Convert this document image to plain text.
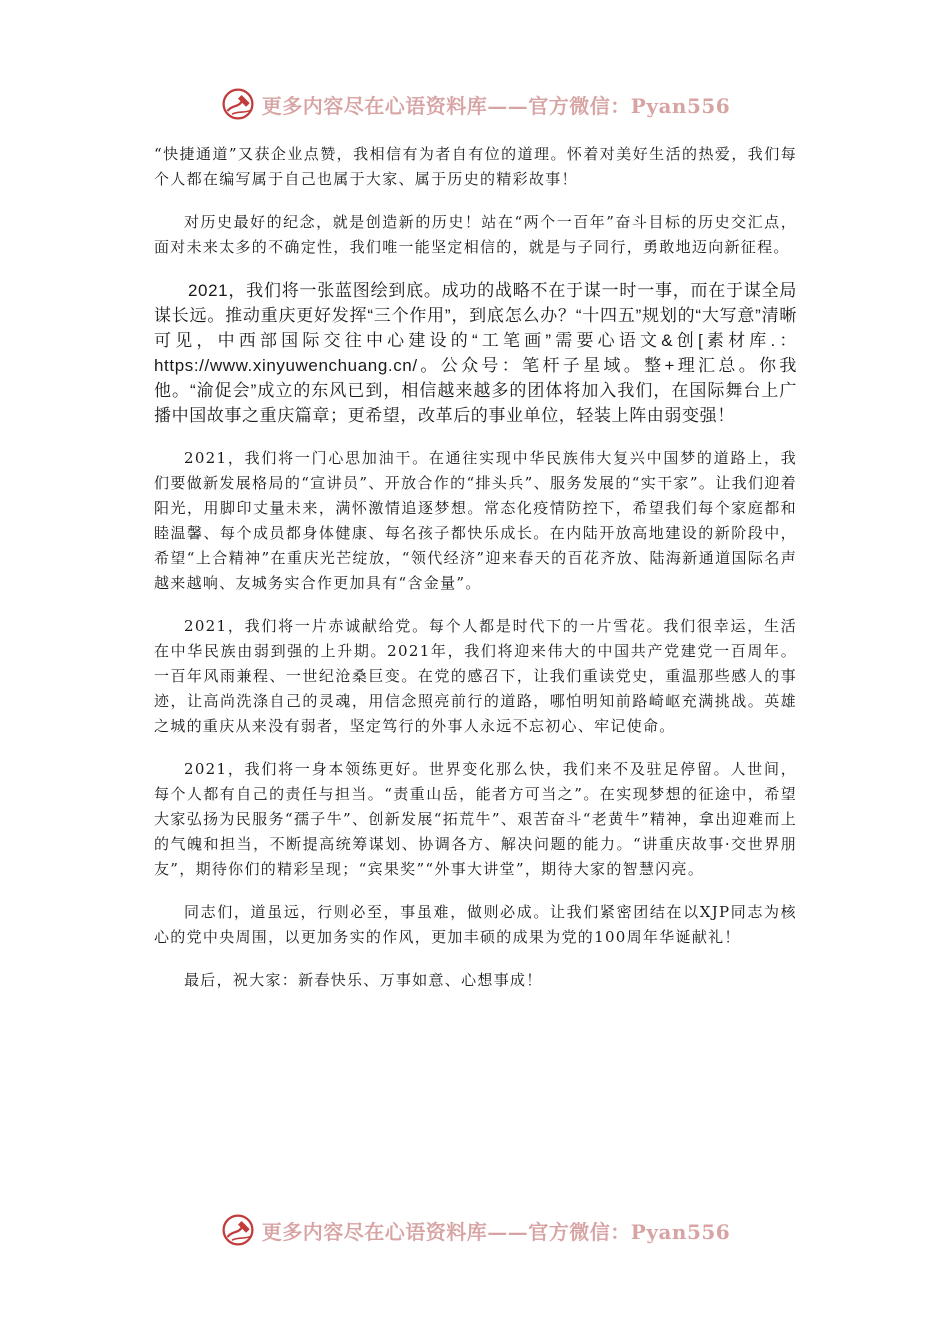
更多内容尽在心语资料库——官方微信：Pyan556

“快捷通道”又获企业点赞，我相信有为者自有位的道理。怀着对美好生活的热爱，我们每个人都在编写属于自己也属于大家、属于历史的精彩故事！

对历史最好的纪念，就是创造新的历史！站在“两个一百年”奋斗目标的历史交汇点，面对未来太多的不确定性，我们唯一能坚定相信的，就是与子同行，勇敢地迈向新征程。

2021，我们将一张蓝图绘到底。成功的战略不在于谋一时一事，而在于谋全局谋长远。推动重庆更好发挥“三个作用”，到底怎么办？“十四五”规划的“大写意”清晰可见，中西部国际交往中心建设的“工笔画”需要心语文&创[素材库.：https://www.xinyuwenchuang.cn/。公众号：笔杆子星域。整+理汇总。你我他。“渝促会”成立的东风已到，相信越来越多的团体将加入我们，在国际舞台上广播中国故事之重庆篇章；更希望，改革后的事业单位，轻装上阵由弱变强！

2021，我们将一门心思加油干。在通往实现中华民族伟大复兴中国梦的道路上，我们要做新发展格局的“宣讲员”、开放合作的“排头兵”、服务发展的“实干家”。让我们迎着阳光，用脚印丈量未来，满怀激情追逐梦想。常态化疫情防控下，希望我们每个家庭都和睦温馨、每个成员都身体健康、每名孩子都快乐成长。在内陆开放高地建设的新阶段中，希望“上合精神”在重庆光芒绽放，“领代经济”迎来春天的百花齐放、陆海新通道国际名声越来越响、友城务实合作更加具有“含金量”。

2021，我们将一片赤诚献给党。每个人都是时代下的一片雪花。我们很幸运，生活在中华民族由弱到强的上升期。2021年，我们将迎来伟大的中国共产党建党一百周年。一百年风雨兼程、一世纪沧桑巨变。在党的感召下，让我们重读党史，重温那些感人的事迹，让高尚洗涤自己的灵魂，用信念照亮前行的道路，哪怕明知前路崎岖充满挑战。英雄之城的重庆从来没有弱者，坚定笃行的外事人永远不忘初心、牢记使命。

2021，我们将一身本领练更好。世界变化那么快，我们来不及驻足停留。人世间，每个人都有自己的责任与担当。“责重山岳，能者方可当之”。在实现梦想的征途中，希望大家弘扬为民服务“孺子牛”、创新发展“拓荒牛”、艰苦奋斗“老黄牛”精神，拿出迎难而上的气魄和担当，不断提高统筹谋划、协调各方、解决问题的能力。“讲重庆故事·交世界朋友”，期待你们的精彩呈现；“宾果奖”“外事大讲堂”，期待大家的智慧闪亮。

同志们，道虽远，行则必至，事虽难，做则必成。让我们紧密团结在以XJP同志为核心的党中央周围，以更加务实的作风，更加丰硕的成果为党的100周年华诞献礼！

最后，祝大家：新春快乐、万事如意、心想事成！

更多内容尽在心语资料库——官方微信：Pyan556
